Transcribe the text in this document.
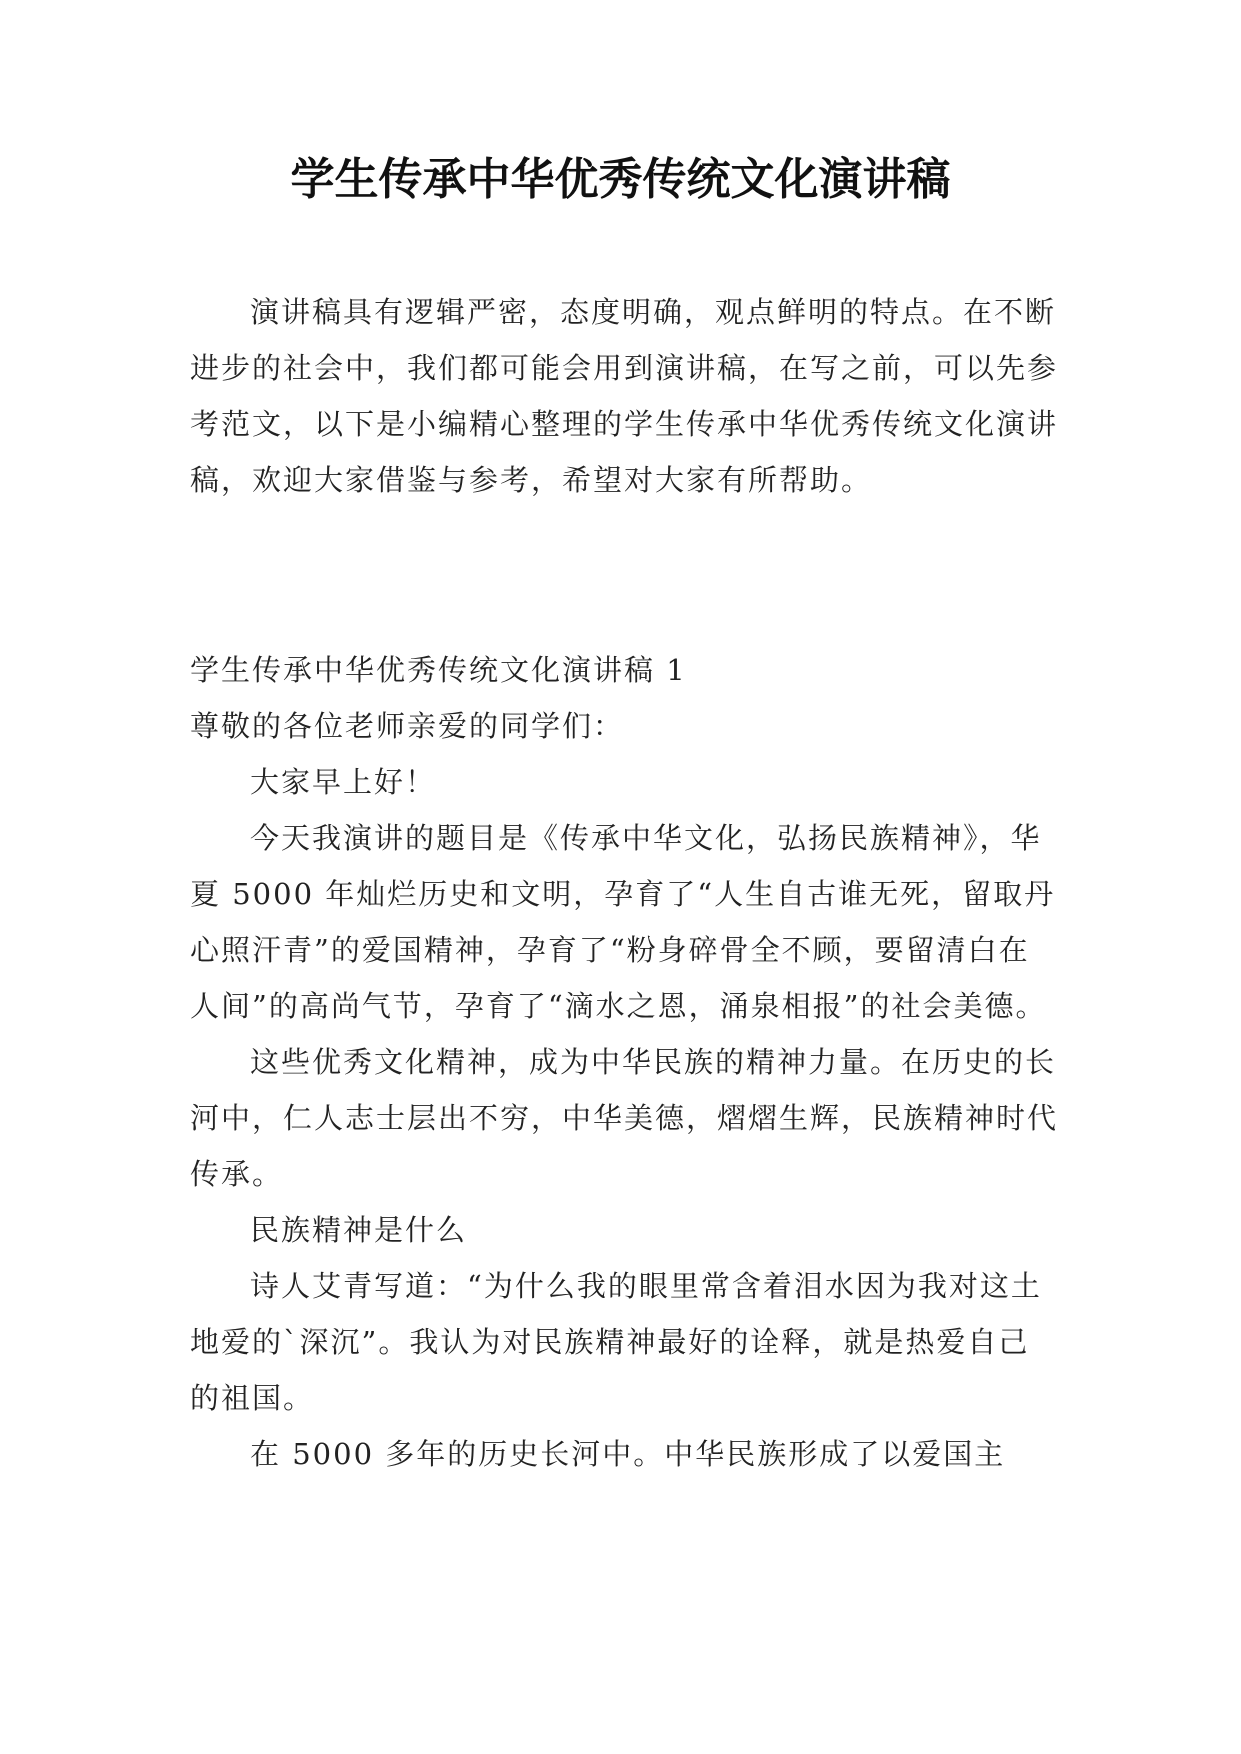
学生传承中华优秀传统文化演讲稿

演讲稿具有逻辑严密，态度明确，观点鲜明的特点。在不断进步的社会中，我们都可能会用到演讲稿，在写之前，可以先参考范文，以下是小编精心整理的学生传承中华优秀传统文化演讲稿，欢迎大家借鉴与参考，希望对大家有所帮助。

学生传承中华优秀传统文化演讲稿 1

尊敬的各位老师亲爱的同学们：

大家早上好！

今天我演讲的题目是《传承中华文化，弘扬民族精神》，华夏 5000 年灿烂历史和文明，孕育了“人生自古谁无死，留取丹心照汗青”的爱国精神，孕育了“粉身碎骨全不顾，要留清白在人间”的高尚气节，孕育了“滴水之恩，涌泉相报”的社会美德。

这些优秀文化精神，成为中华民族的精神力量。在历史的长河中，仁人志士层出不穷，中华美德，熠熠生辉，民族精神时代传承。

民族精神是什么

诗人艾青写道：“为什么我的眼里常含着泪水因为我对这土地爱的`深沉”。我认为对民族精神最好的诠释，就是热爱自己的祖国。

在 5000 多年的历史长河中。中华民族形成了以爱国主
